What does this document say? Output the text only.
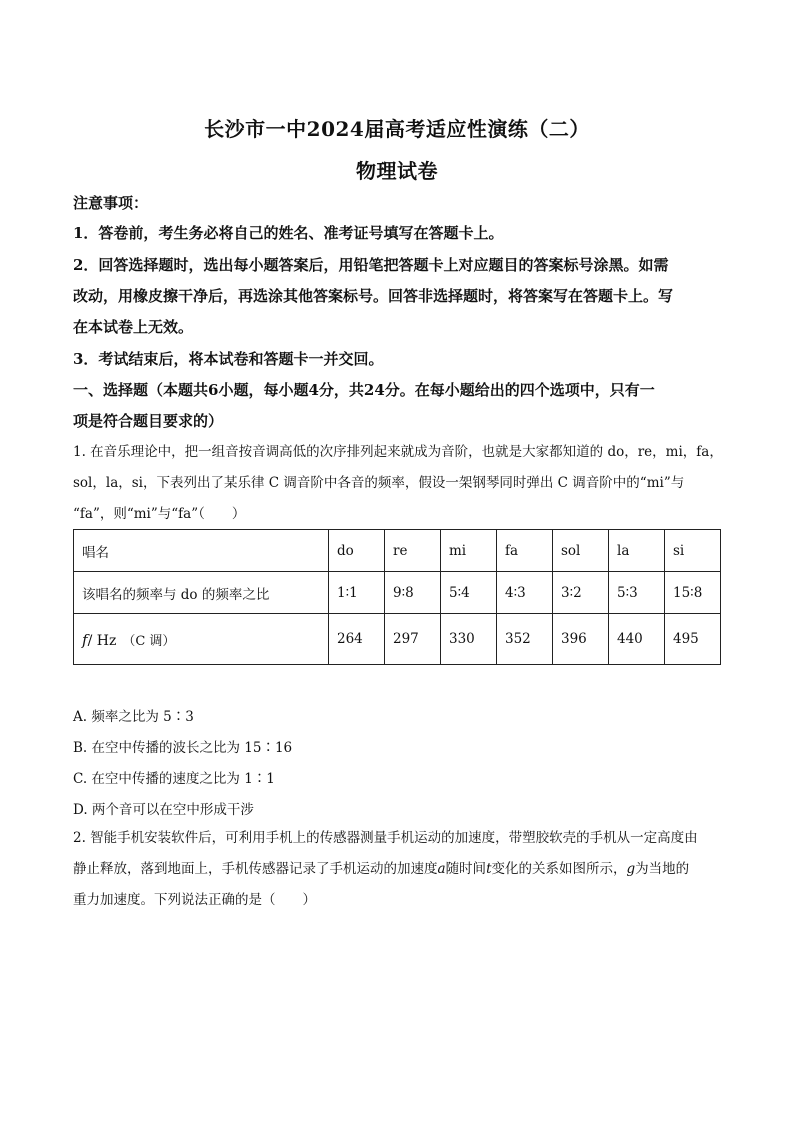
长沙市一中2024届高考适应性演练（二）
物理试卷
注意事项：
1．答卷前，考生务必将自己的姓名、准考证号填写在答题卡上。
2．回答选择题时，选出每小题答案后，用铅笔把答题卡上对应题目的答案标号涂黑。如需
改动，用橡皮擦干净后，再选涂其他答案标号。回答非选择题时，将答案写在答题卡上。写
在本试卷上无效。
3．考试结束后，将本试卷和答题卡一并交回。
一、选择题（本题共6小题，每小题4分，共24分。在每小题给出的四个选项中，只有一
项是符合题目要求的）
1. 在音乐理论中，把一组音按音调高低的次序排列起来就成为音阶，也就是大家都知道的 do，re，mi，fa，
sol，la，si，下表列出了某乐律 C 调音阶中各音的频率，假设一架钢琴同时弹出 C 调音阶中的“mi”与
“fa”，则“mi”与“fa”（　　）
唱名	do	re	mi	fa	sol	la	si
该唱名的频率与 do 的频率之比	1∶1	9∶8	5∶4	4∶3	3∶2	5∶3	15∶8
f/ Hz （C 调）	264	297	330	352	396	440	495
A. 频率之比为 5∶3
B. 在空中传播的波长之比为 15∶16
C. 在空中传播的速度之比为 1∶1
D. 两个音可以在空中形成干涉
2. 智能手机安装软件后，可利用手机上的传感器测量手机运动的加速度，带塑胶软壳的手机从一定高度由
静止释放，落到地面上，手机传感器记录了手机运动的加速度a随时间t变化的关系如图所示，g为当地的
重力加速度。下列说法正确的是（　　）
